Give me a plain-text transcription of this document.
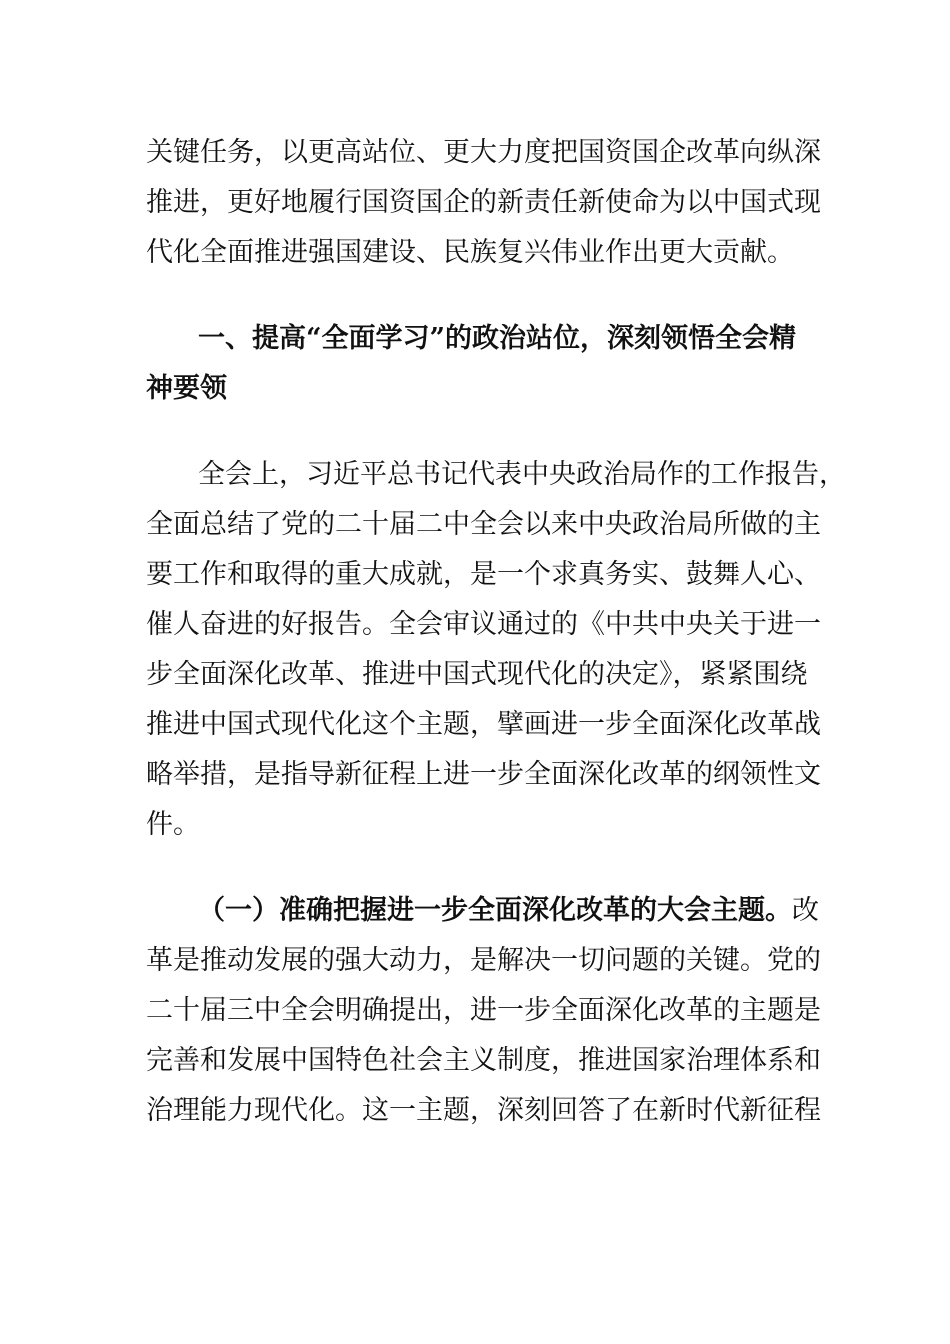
关键任务，以更高站位、更大力度把国资国企改革向纵深
推进，更好地履行国资国企的新责任新使命为以中国式现
代化全面推进强国建设、民族复兴伟业作出更大贡献。
一、提高“全面学习”的政治站位，深刻领悟全会精
神要领
全会上，习近平总书记代表中央政治局作的工作报告，
全面总结了党的二十届二中全会以来中央政治局所做的主
要工作和取得的重大成就，是一个求真务实、鼓舞人心、
催人奋进的好报告。全会审议通过的《中共中央关于进一
步全面深化改革、推进中国式现代化的决定》，紧紧围绕
推进中国式现代化这个主题，擘画进一步全面深化改革战
略举措，是指导新征程上进一步全面深化改革的纲领性文
件。
（一）准确把握进一步全面深化改革的大会主题。改
革是推动发展的强大动力，是解决一切问题的关键。党的
二十届三中全会明确提出，进一步全面深化改革的主题是
完善和发展中国特色社会主义制度，推进国家治理体系和
治理能力现代化。这一主题，深刻回答了在新时代新征程
